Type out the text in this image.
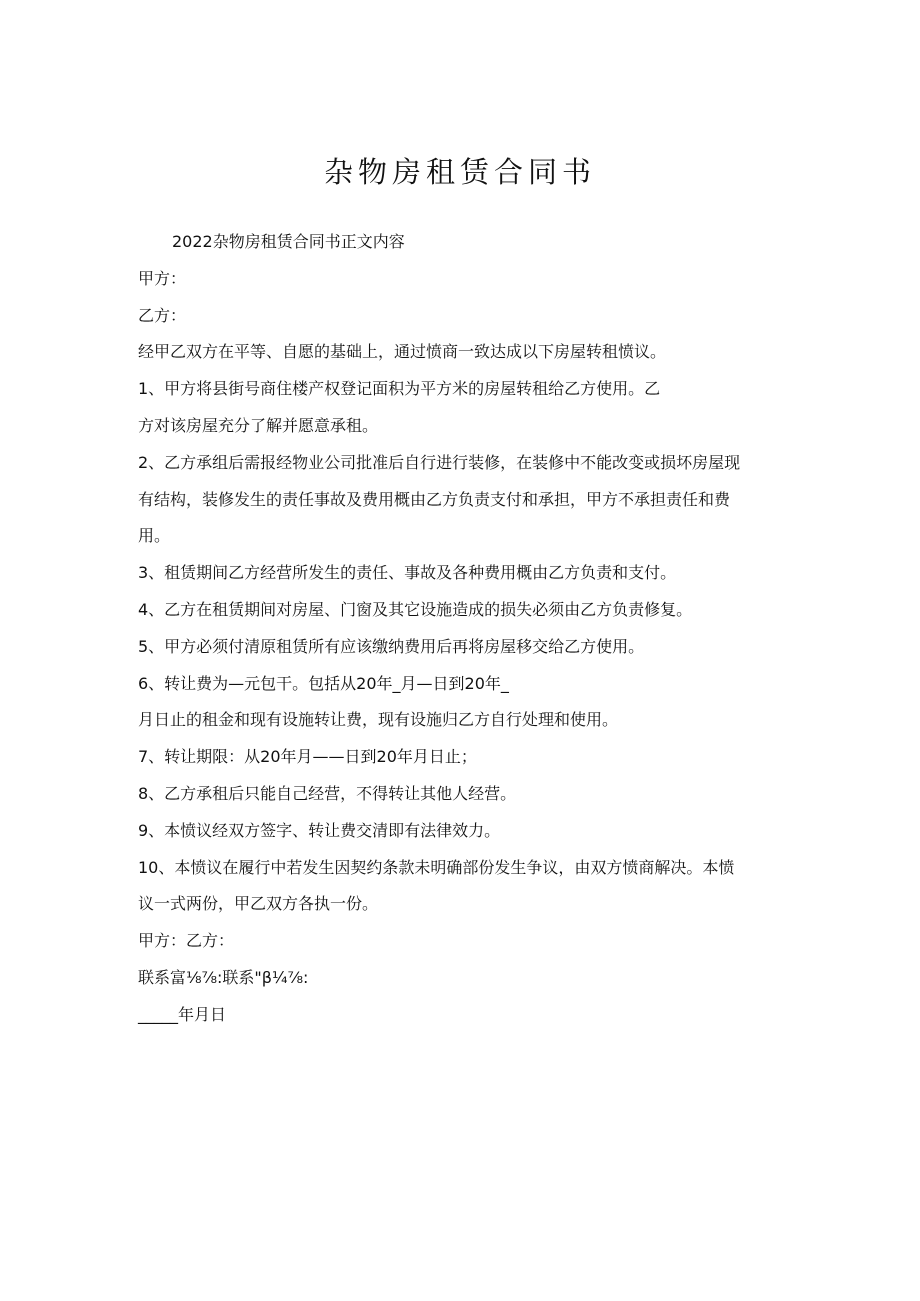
杂物房租赁合同书

2022杂物房租赁合同书正文内容

甲方：

乙方：

经甲乙双方在平等、自愿的基础上，通过愤商一致达成以下房屋转租愤议。

1、甲方将县街号商住楼产权登记面积为平方米的房屋转租给乙方使用。乙

方对该房屋充分了解并愿意承租。

2、乙方承组后需报经物业公司批准后自行进行装修，在装修中不能改变或损坏房屋现

有结构，装修发生的责任事故及费用概由乙方负责支付和承担，甲方不承担责任和费

用。

3、租赁期间乙方经营所发生的责任、事故及各种费用概由乙方负责和支付。

4、乙方在租赁期间对房屋、门窗及其它设施造成的损失必须由乙方负责修复。

5、甲方必须付清原租赁所有应该缴纳费用后再将房屋移交给乙方使用。

6、转让费为—元包干。包括从20年_月—日到20年_

月日止的租金和现有设施转让费，现有设施归乙方自行处理和使用。

7、转让期限：从20年月——日到20年月日止；

8、乙方承租后只能自己经营，不得转让其他人经营。

9、本愤议经双方签字、转让费交清即有法律效力。

10、本愤议在履行中若发生因契约条款未明确部份发生争议，由双方愤商解决。本愤

议一式两份，甲乙双方各执一份。

甲方：乙方：

联系富⅛⅞:联系"β¼⅞:

_____年月日
